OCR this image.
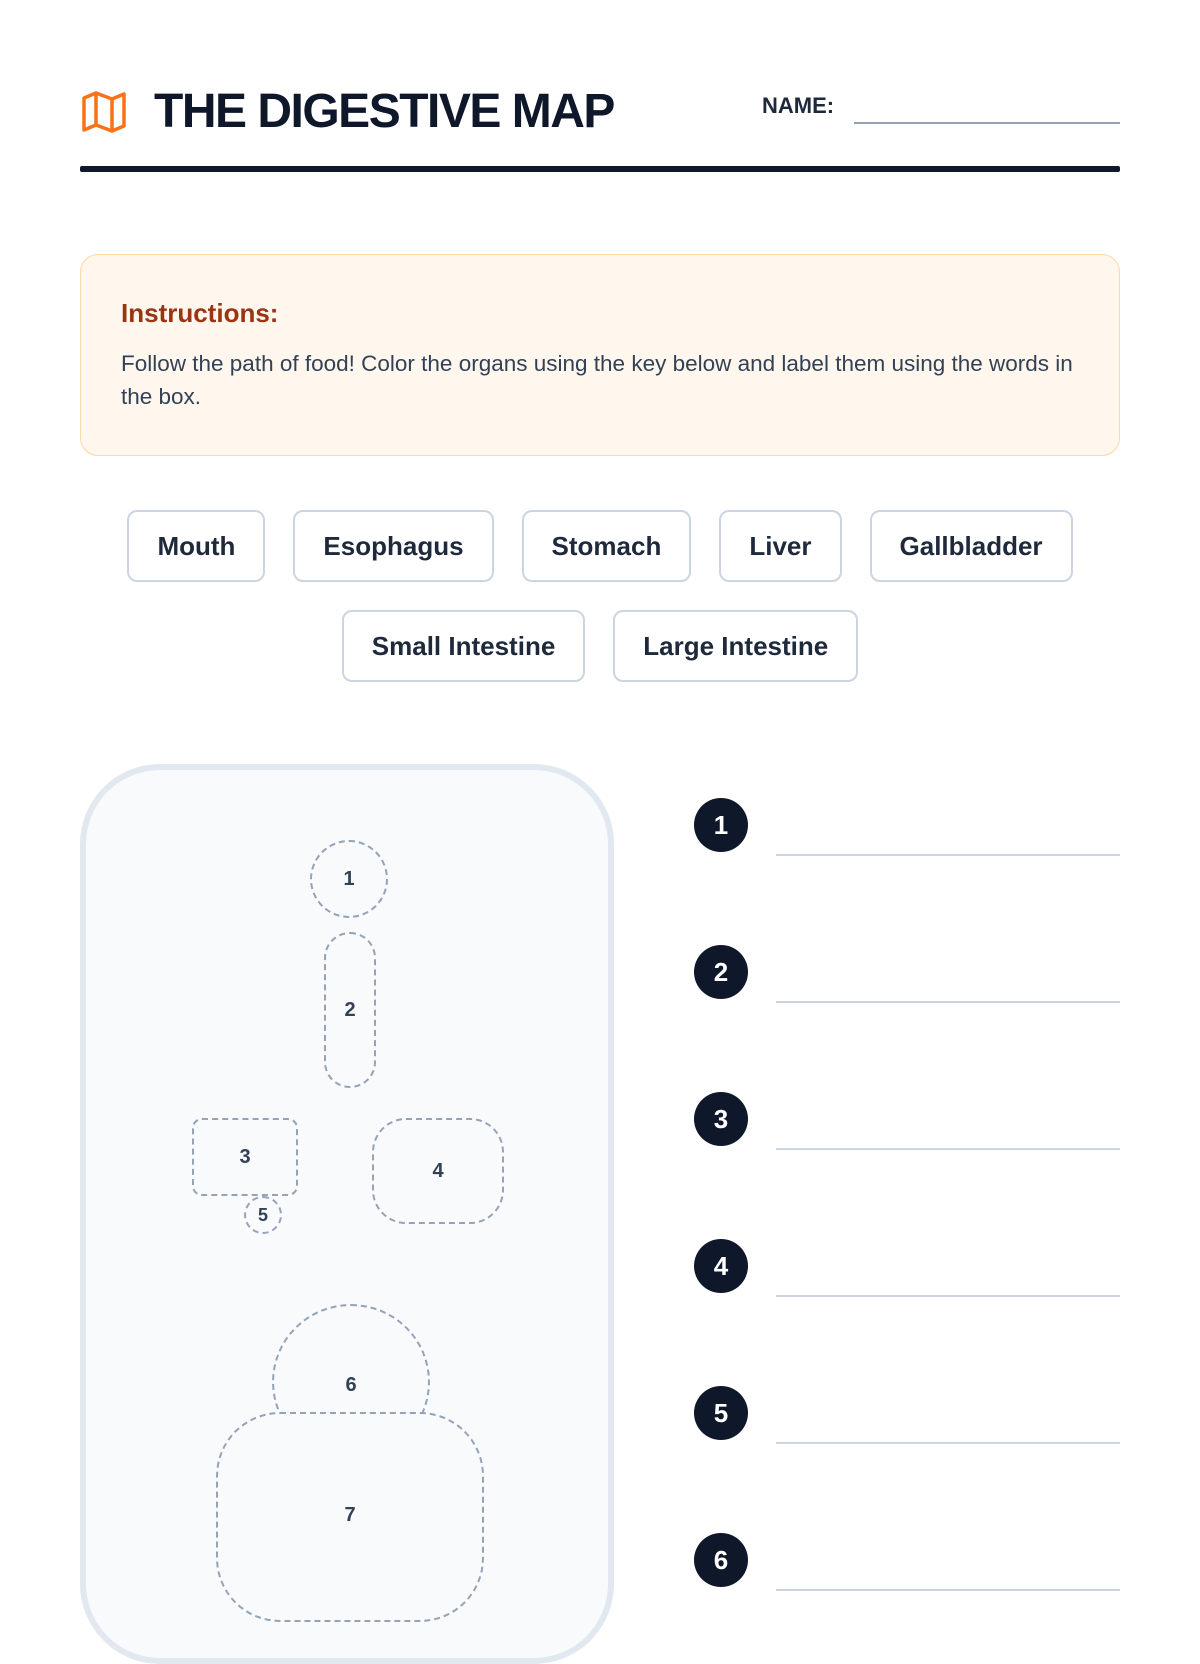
THE DIGESTIVE MAP	NAME:
Instructions:

Follow the path of food! Color the organs using the key below and label them using the words in the box.

Mouth	Esophagus	Stomach	Liver	Gallbladder
Small Intestine	Large Intestine
1
2
3
4
5
6
7
1
2
3
4
5
6
